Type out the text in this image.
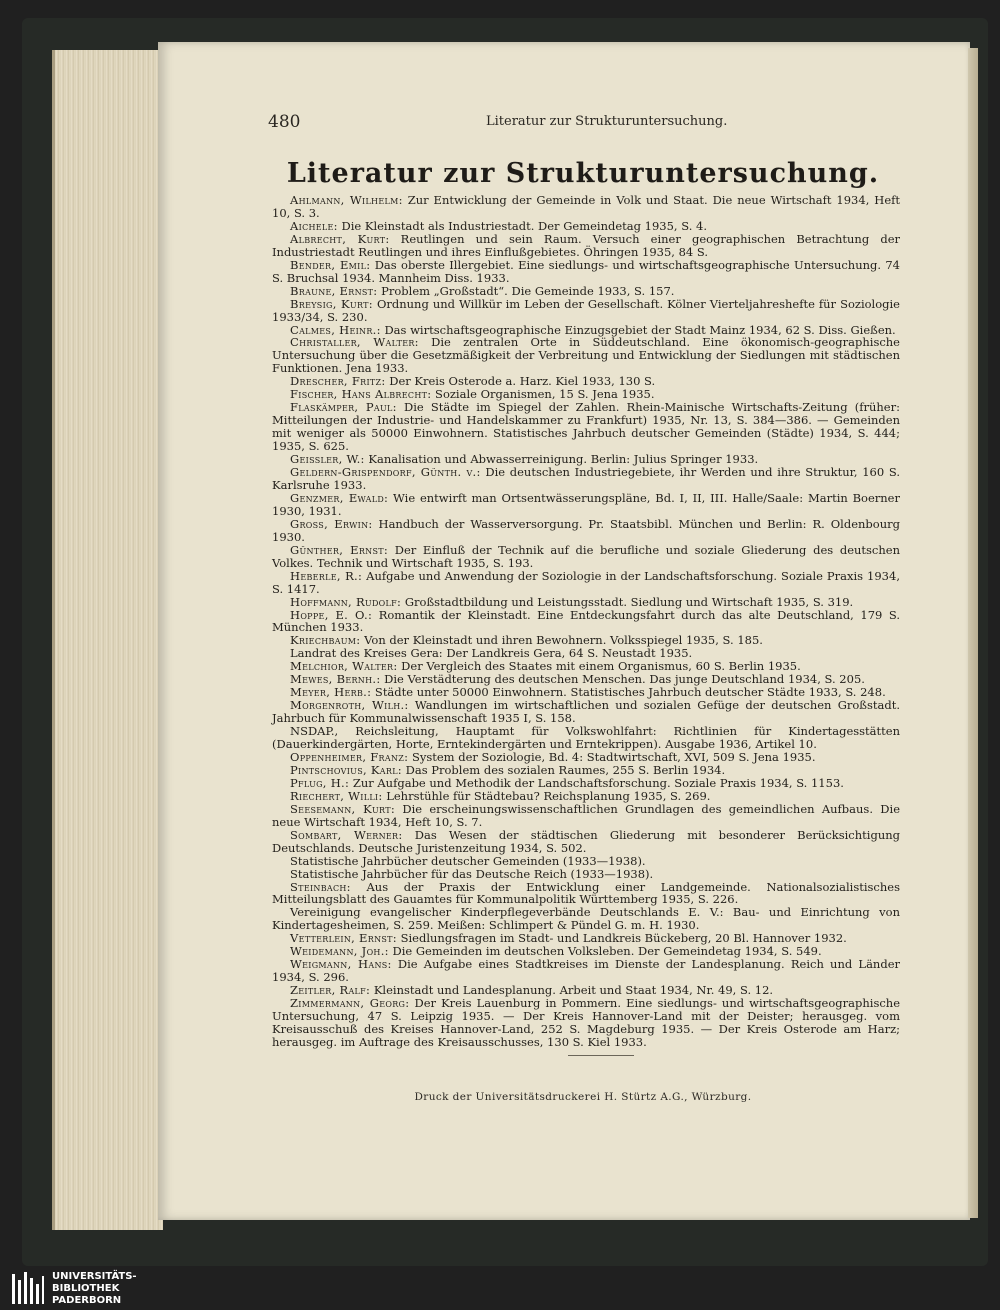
480	Literatur zur Strukturuntersuchung.
Literatur zur Strukturuntersuchung.

Ahlmann, Wilhelm: Zur Entwicklung der Gemeinde in Volk und Staat. Die neue Wirtschaft 1934, Heft 10, S. 3.

Aichele: Die Kleinstadt als Industriestadt. Der Gemeindetag 1935, S. 4.

Albrecht, Kurt: Reutlingen und sein Raum. Versuch einer geographischen Betrachtung der Industriestadt Reutlingen und ihres Einflußgebietes. Öhringen 1935, 84 S.

Bender, Emil: Das oberste Illergebiet. Eine siedlungs- und wirtschaftsgeographische Untersuchung. 74 S. Bruchsal 1934. Mannheim Diss. 1933.

Braune, Ernst: Problem „Großstadt“. Die Gemeinde 1933, S. 157.

Breysig, Kurt: Ordnung und Willkür im Leben der Gesellschaft. Kölner Vierteljahreshefte für Soziologie 1933/34, S. 230.

Calmes, Heinr.: Das wirtschaftsgeographische Einzugsgebiet der Stadt Mainz 1934, 62 S. Diss. Gießen.

Christaller, Walter: Die zentralen Orte in Süddeutschland. Eine ökonomisch-geographische Untersuchung über die Gesetzmäßigkeit der Verbreitung und Entwicklung der Siedlungen mit städtischen Funktionen. Jena 1933.

Drescher, Fritz: Der Kreis Osterode a. Harz. Kiel 1933, 130 S.

Fischer, Hans Albrecht: Soziale Organismen, 15 S. Jena 1935.

Flaskämper, Paul: Die Städte im Spiegel der Zahlen. Rhein-Mainische Wirtschafts-Zeitung (früher: Mitteilungen der Industrie- und Handelskammer zu Frankfurt) 1935, Nr. 13, S. 384—386. — Gemeinden mit weniger als 50000 Einwohnern. Statistisches Jahrbuch deutscher Gemeinden (Städte) 1934, S. 444; 1935, S. 625.

Geissler, W.: Kanalisation und Abwasserreinigung. Berlin: Julius Springer 1933.

Geldern-Grispendorf, Günth. v.: Die deutschen Industriegebiete, ihr Werden und ihre Struktur, 160 S. Karlsruhe 1933.

Genzmer, Ewald: Wie entwirft man Ortsentwässerungspläne, Bd. I, II, III. Halle/Saale: Martin Boerner 1930, 1931.

Gross, Erwin: Handbuch der Wasserversorgung. Pr. Staatsbibl. München und Berlin: R. Oldenbourg 1930.

Günther, Ernst: Der Einfluß der Technik auf die berufliche und soziale Gliederung des deutschen Volkes. Technik und Wirtschaft 1935, S. 193.

Heberle, R.: Aufgabe und Anwendung der Soziologie in der Landschaftsforschung. Soziale Praxis 1934, S. 1417.

Hoffmann, Rudolf: Großstadtbildung und Leistungsstadt. Siedlung und Wirtschaft 1935, S. 319.

Hoppe, E. O.: Romantik der Kleinstadt. Eine Entdeckungsfahrt durch das alte Deutschland, 179 S. München 1933.

Kriechbaum: Von der Kleinstadt und ihren Bewohnern. Volksspiegel 1935, S. 185.

Landrat des Kreises Gera: Der Landkreis Gera, 64 S. Neustadt 1935.

Melchior, Walter: Der Vergleich des Staates mit einem Organismus, 60 S. Berlin 1935.

Mewes, Bernh.: Die Verstädterung des deutschen Menschen. Das junge Deutschland 1934, S. 205.

Meyer, Herb.: Städte unter 50000 Einwohnern. Statistisches Jahrbuch deutscher Städte 1933, S. 248.

Morgenroth, Wilh.: Wandlungen im wirtschaftlichen und sozialen Gefüge der deutschen Großstadt. Jahrbuch für Kommunalwissenschaft 1935 I, S. 158.

NSDAP., Reichsleitung, Hauptamt für Volkswohlfahrt: Richtlinien für Kindertagesstätten (Dauerkindergärten, Horte, Erntekindergärten und Erntekrippen). Ausgabe 1936, Artikel 10.

Oppenheimer, Franz: System der Soziologie, Bd. 4: Stadtwirtschaft, XVI, 509 S. Jena 1935.

Pintschovius, Karl: Das Problem des sozialen Raumes, 255 S. Berlin 1934.

Pflug, H.: Zur Aufgabe und Methodik der Landschaftsforschung. Soziale Praxis 1934, S. 1153.

Riechert, Willi: Lehrstühle für Städtebau? Reichsplanung 1935, S. 269.

Seesemann, Kurt: Die erscheinungswissenschaftlichen Grundlagen des gemeindlichen Aufbaus. Die neue Wirtschaft 1934, Heft 10, S. 7.

Sombart, Werner: Das Wesen der städtischen Gliederung mit besonderer Berücksichtigung Deutschlands. Deutsche Juristenzeitung 1934, S. 502.

Statistische Jahrbücher deutscher Gemeinden (1933—1938).

Statistische Jahrbücher für das Deutsche Reich (1933—1938).

Steinbach: Aus der Praxis der Entwicklung einer Landgemeinde. Nationalsozialistisches Mitteilungsblatt des Gauamtes für Kommunalpolitik Württemberg 1935, S. 226.

Vereinigung evangelischer Kinderpflegeverbände Deutschlands E. V.: Bau- und Einrichtung von Kindertagesheimen, S. 259. Meißen: Schlimpert & Pündel G. m. H. 1930.

Vetterlein, Ernst: Siedlungsfragen im Stadt- und Landkreis Bückeberg, 20 Bl. Hannover 1932.

Weidemann, Joh.: Die Gemeinden im deutschen Volksleben. Der Gemeindetag 1934, S. 549.

Weigmann, Hans: Die Aufgabe eines Stadtkreises im Dienste der Landesplanung. Reich und Länder 1934, S. 296.

Zeitler, Ralf: Kleinstadt und Landesplanung. Arbeit und Staat 1934, Nr. 49, S. 12.

Zimmermann, Georg: Der Kreis Lauenburg in Pommern. Eine siedlungs- und wirtschaftsgeographische Untersuchung, 47 S. Leipzig 1935. — Der Kreis Hannover-Land mit der Deister; herausgeg. vom Kreisausschuß des Kreises Hannover-Land, 252 S. Magdeburg 1935. — Der Kreis Osterode am Harz; herausgeg. im Auftrage des Kreisausschusses, 130 S. Kiel 1933.

Druck der Universitätsdruckerei H. Stürtz A.G., Würzburg.
UNIVERSITÄTS-
BIBLIOTHEK
PADERBORN
